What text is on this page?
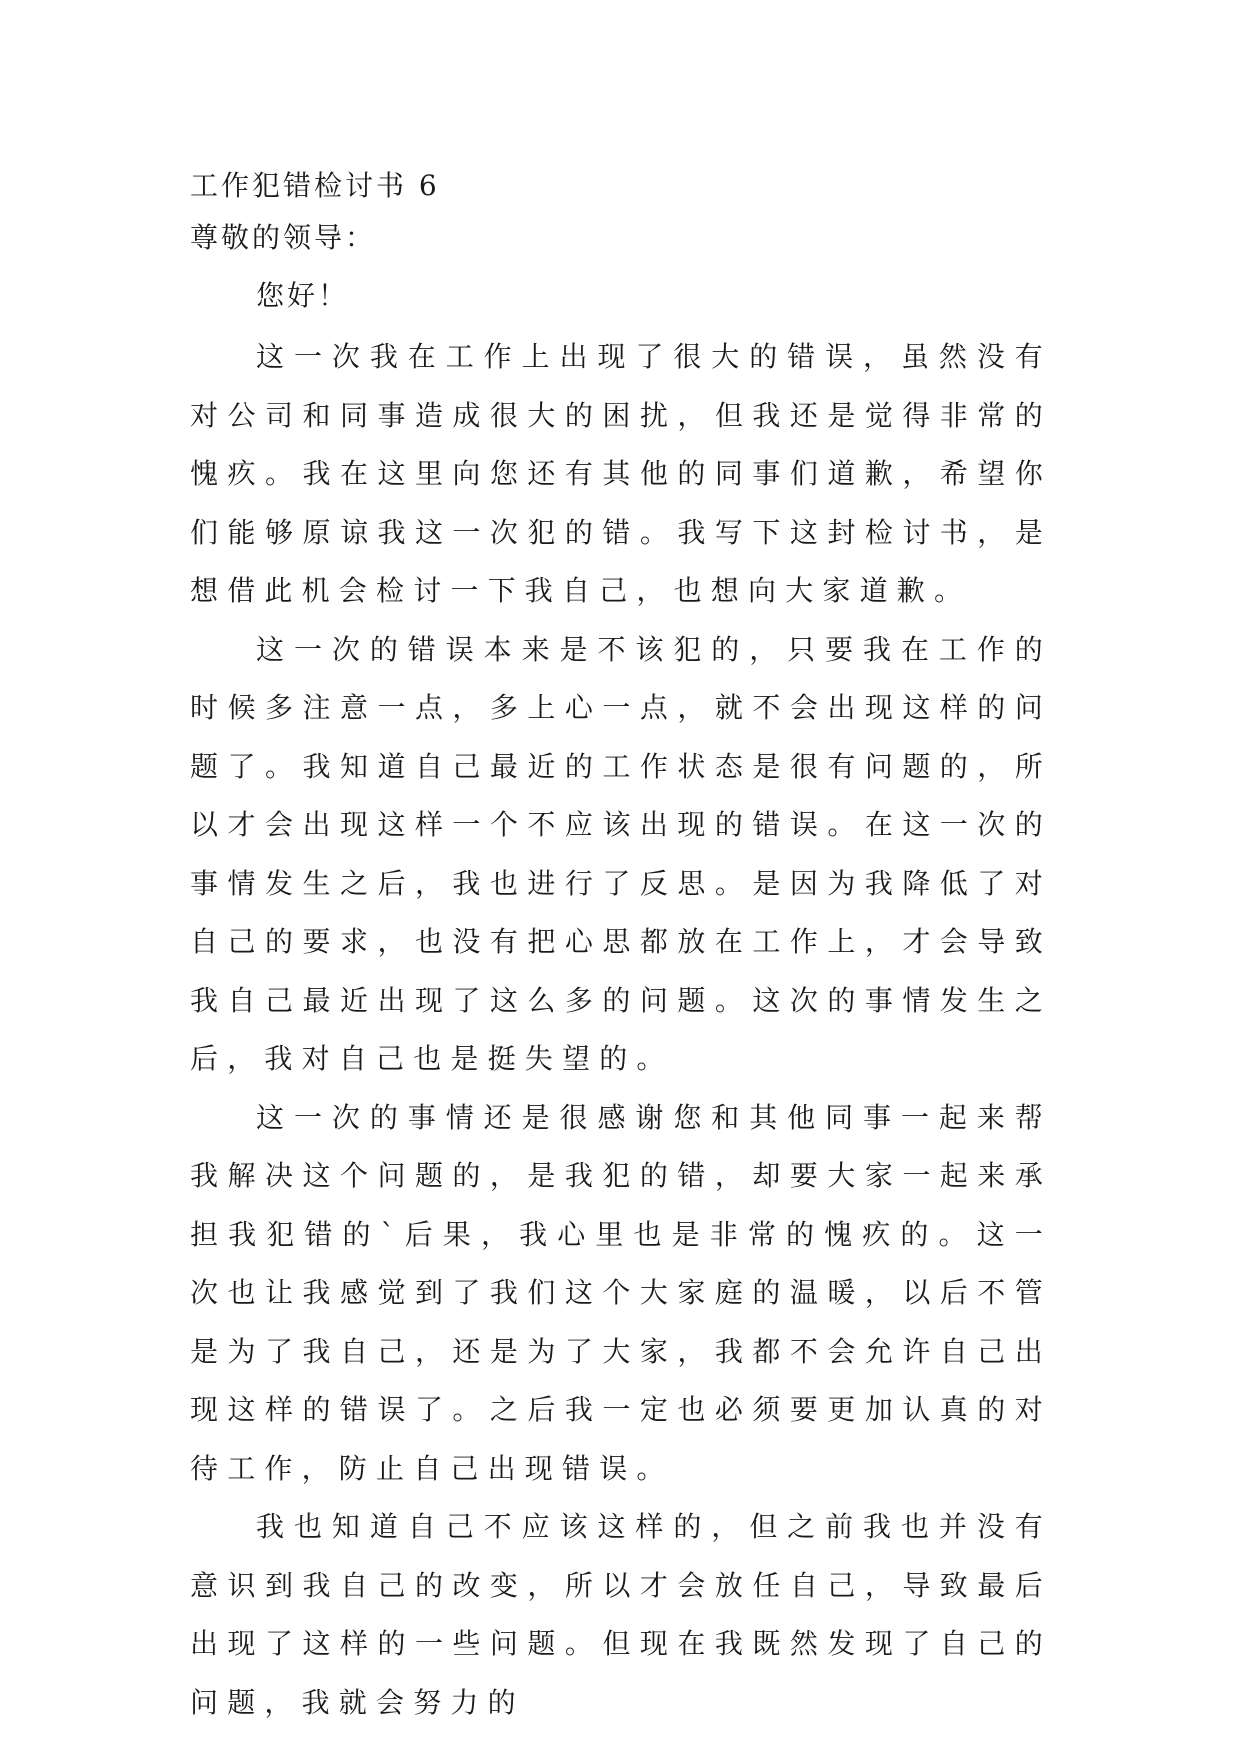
工作犯错检讨书 6
尊敬的领导：
您好！

这一次我在工作上出现了很大的错误，虽然没有对公司和同事造成很大的困扰，但我还是觉得非常的愧疚。我在这里向您还有其他的同事们道歉，希望你们能够原谅我这一次犯的错。我写下这封检讨书，是想借此机会检讨一下我自己，也想向大家道歉。

这一次的错误本来是不该犯的，只要我在工作的时候多注意一点，多上心一点，就不会出现这样的问题了。我知道自己最近的工作状态是很有问题的，所以才会出现这样一个不应该出现的错误。在这一次的事情发生之后，我也进行了反思。是因为我降低了对自己的要求，也没有把心思都放在工作上，才会导致我自己最近出现了这么多的问题。这次的事情发生之后，我对自己也是挺失望的。

这一次的事情还是很感谢您和其他同事一起来帮我解决这个问题的，是我犯的错，却要大家一起来承担我犯错的`后果，我心里也是非常的愧疚的。这一次也让我感觉到了我们这个大家庭的温暖，以后不管是为了我自己，还是为了大家，我都不会允许自己出现这样的错误了。之后我一定也必须要更加认真的对待工作，防止自己出现错误。

我也知道自己不应该这样的，但之前我也并没有意识到我自己的改变，所以才会放任自己，导致最后出现了这样的一些问题。但现在我既然发现了自己的问题，我就会努力的
